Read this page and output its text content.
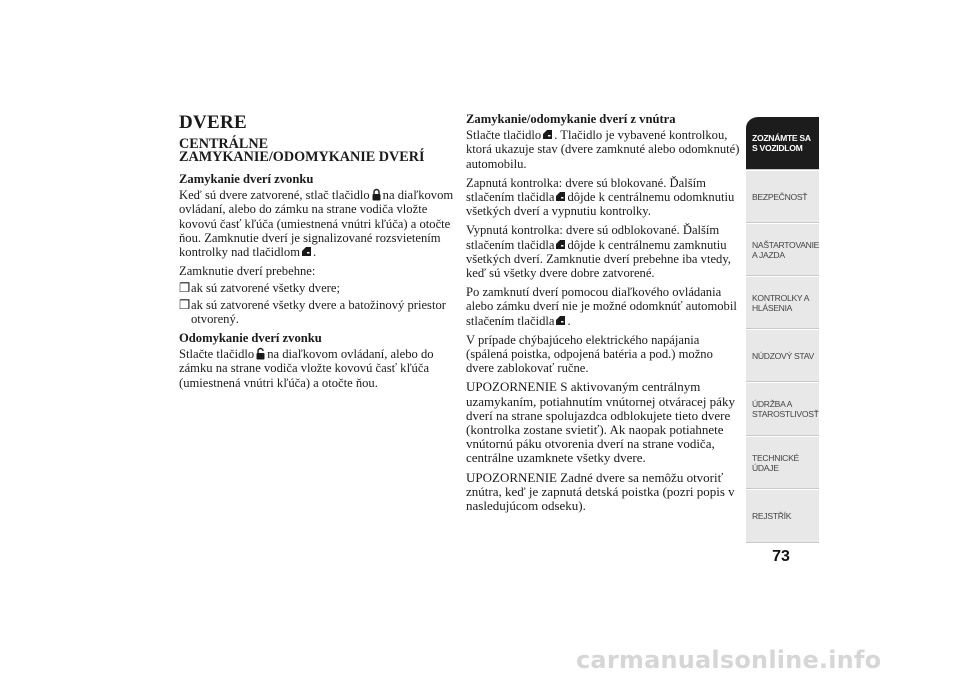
DVERE
CENTRÁLNE ZAMYKANIE/ODOMYKANIE DVERÍ
Zamykanie dverí zvonku

Keď sú dvere zatvorené, stlač tlačidlo na diaľkovom ovládaní, alebo do zámku na strane vodiča vložte kovovú časť kľúča (umiestnená vnútri kľúča) a otočte ňou. Zamknutie dverí je signalizované rozsvietením kontrolky nad tlačidlom .

Zamknutie dverí prebehne:

❒ak sú zatvorené všetky dvere;
❒ak sú zatvorené všetky dvere a batožinový priestor otvorený.
Odomykanie dverí zvonku

Stlačte tlačidlo na diaľkovom ovládaní, alebo do zámku na strane vodiča vložte kovovú časť kľúča (umiestnená vnútri kľúča) a otočte ňou.

Zamykanie/odomykanie dverí z vnútra

Stlačte tlačidlo . Tlačidlo je vybavené kontrolkou, ktorá ukazuje stav (dvere zamknuté alebo odomknuté) automobilu.

Zapnutá kontrolka: dvere sú blokované. Ďalším stlačením tlačidla dôjde k centrálnemu odomknutiu všetkých dverí a vypnutiu kontrolky.

Vypnutá kontrolka: dvere sú odblokované. Ďalším stlačením tlačidla dôjde k centrálnemu zamknutiu všetkých dverí. Zamknutie dverí prebehne iba vtedy, keď sú všetky dvere dobre zatvorené.

Po zamknutí dverí pomocou diaľkového ovládania alebo zámku dverí nie je možné odomknúť automobil stlačením tlačidla .

V prípade chýbajúceho elektrického napájania (spálená poistka, odpojená batéria a pod.) možno dvere zablokovať ručne.

UPOZORNENIE S aktivovaným centrálnym uzamykaním, potiahnutím vnútornej otváracej páky dverí na strane spolujazdca odblokujete tieto dvere (kontrolka zostane svietiť). Ak naopak potiahnete vnútornú páku otvorenia dverí na strane vodiča, centrálne uzamknete všetky dvere.

UPOZORNENIE Zadné dvere sa nemôžu otvoriť znútra, keď je zapnutá detská poistka (pozri popis v nasledujúcom odseku).

ZOZNÁMTE SA S VOZIDLOM
BEZPEČNOSŤ
NAŠTARTOVANIE A JAZDA
KONTROLKY A HLÁSENIA
NÚDZOVÝ STAV
ÚDRŽBA A STAROSTLIVOSŤ
TECHNICKÉ ÚDAJE
REJSTŘÍK
73
carmanualsonline.info
